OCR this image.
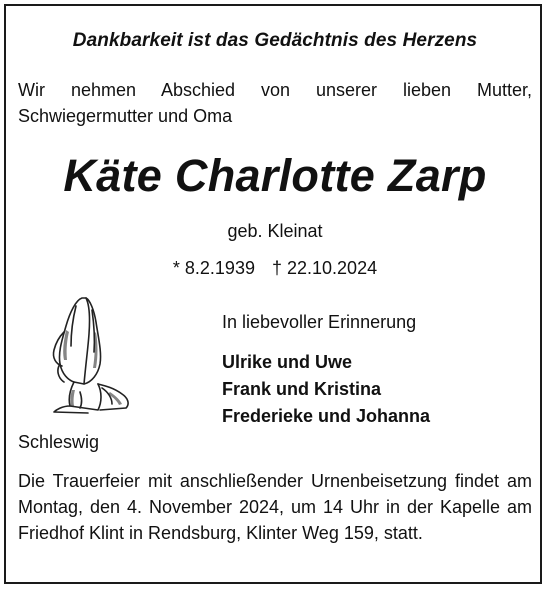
Dankbarkeit ist das Gedächtnis des Herzens
Wir nehmen Abschied von unserer lieben Mutter,
Schwiegermutter und Oma
Käte Charlotte Zarp
geb. Kleinat
* 8.2.1939 † 22.10.2024
In liebevoller Erinnerung
Ulrike und Uwe
Frank und Kristina
Frederieke und Johanna
Schleswig
Die Trauerfeier mit anschließender Urnenbeisetzung findet am Montag, den 4. November 2024, um 14 Uhr in der Kapelle am Friedhof Klint in Rendsburg, Klinter Weg 159, statt.
